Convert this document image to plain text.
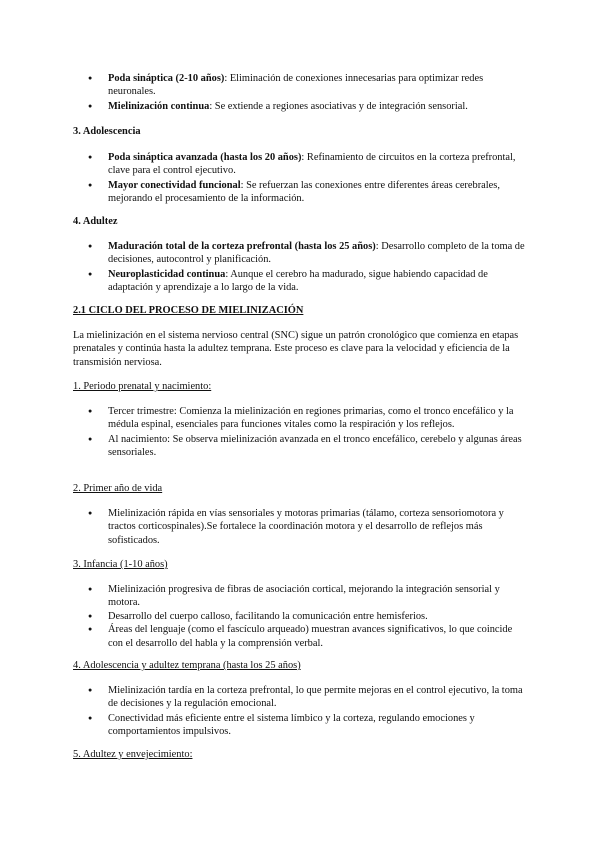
● Poda sináptica (2-10 años): Eliminación de conexiones innecesarias para optimizar redes neuronales.
● Mielinización continua: Se extiende a regiones asociativas y de integración sensorial.

3. Adolescencia

● Poda sináptica avanzada (hasta los 20 años): Refinamiento de circuitos en la corteza prefrontal, clave para el control ejecutivo.
● Mayor conectividad funcional: Se refuerzan las conexiones entre diferentes áreas cerebrales, mejorando el procesamiento de la información.

4. Adultez

● Maduración total de la corteza prefrontal (hasta los 25 años): Desarrollo completo de la toma de decisiones, autocontrol y planificación.
● Neuroplasticidad continua: Aunque el cerebro ha madurado, sigue habiendo capacidad de adaptación y aprendizaje a lo largo de la vida.

2.1 CICLO DEL PROCESO DE MIELINIZACIÓN

La mielinización en el sistema nervioso central (SNC) sigue un patrón cronológico que comienza en etapas prenatales y continúa hasta la adultez temprana. Este proceso es clave para la velocidad y eficiencia de la transmisión nerviosa.

1. Periodo prenatal y nacimiento:

● Tercer trimestre: Comienza la mielinización en regiones primarias, como el tronco encefálico y la médula espinal, esenciales para funciones vitales como la respiración y los reflejos.
● Al nacimiento: Se observa mielinización avanzada en el tronco encefálico, cerebelo y algunas áreas sensoriales.

2. Primer año de vida

● Mielinización rápida en vías sensoriales y motoras primarias (tálamo, corteza sensoriomotora y tractos corticospinales).Se fortalece la coordinación motora y el desarrollo de reflejos más sofisticados.

3. Infancia (1-10 años)

● Mielinización progresiva de fibras de asociación cortical, mejorando la integración sensorial y motora.
● Desarrollo del cuerpo calloso, facilitando la comunicación entre hemisferios.
● Áreas del lenguaje (como el fascículo arqueado) muestran avances significativos, lo que coincide con el desarrollo del habla y la comprensión verbal.

4. Adolescencia y adultez temprana (hasta los 25 años)

● Mielinización tardía en la corteza prefrontal, lo que permite mejoras en el control ejecutivo, la toma de decisiones y la regulación emocional.
● Conectividad más eficiente entre el sistema límbico y la corteza, regulando emociones y comportamientos impulsivos.

5. Adultez y envejecimiento:
